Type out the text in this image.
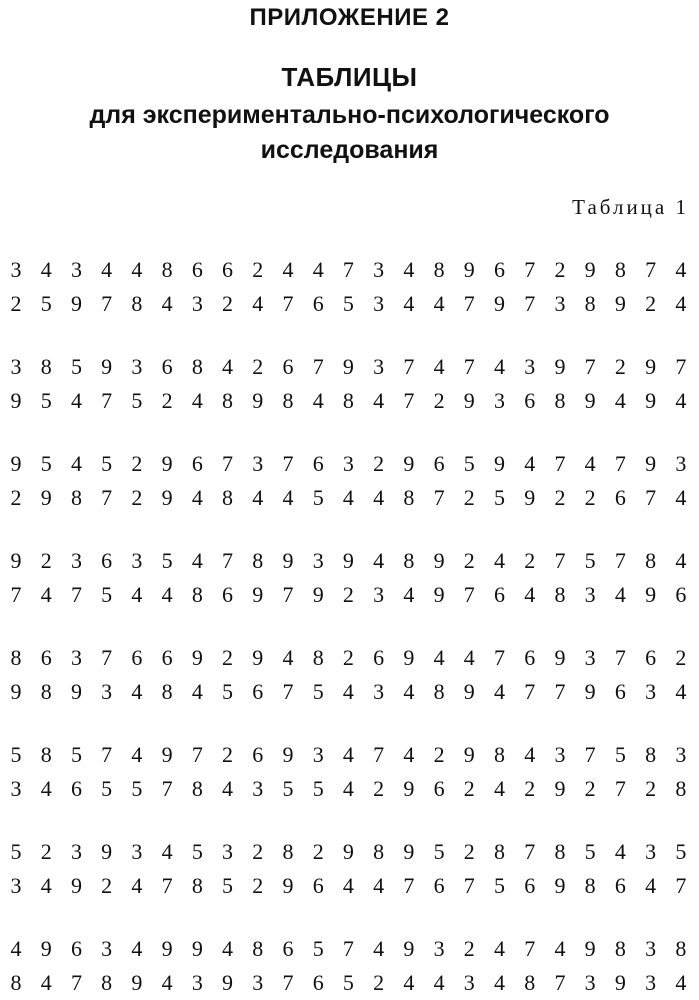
ПРИЛОЖЕНИЕ 2
ТАБЛИЦЫ
для экспериментально-психологического
исследования
Таблица 1
3 4 3 4 4 8 6 6 2 4 4 7 3 4 8 9 6 7 2 9 8 7 4
2 5 9 7 8 4 3 2 4 7 6 5 3 4 4 7 9 7 3 8 9 2 4
3 8 5 9 3 6 8 4 2 6 7 9 3 7 4 7 4 3 9 7 2 9 7
9 5 4 7 5 2 4 8 9 8 4 8 4 7 2 9 3 6 8 9 4 9 4
9 5 4 5 2 9 6 7 3 7 6 3 2 9 6 5 9 4 7 4 7 9 3
2 9 8 7 2 9 4 8 4 4 5 4 4 8 7 2 5 9 2 2 6 7 4
9 2 3 6 3 5 4 7 8 9 3 9 4 8 9 2 4 2 7 5 7 8 4
7 4 7 5 4 4 8 6 9 7 9 2 3 4 9 7 6 4 8 3 4 9 6
8 6 3 7 6 6 9 2 9 4 8 2 6 9 4 4 7 6 9 3 7 6 2
9 8 9 3 4 8 4 5 6 7 5 4 3 4 8 9 4 7 7 9 6 3 4
5 8 5 7 4 9 7 2 6 9 3 4 7 4 2 9 8 4 3 7 5 8 3
3 4 6 5 5 7 8 4 3 5 5 4 2 9 6 2 4 2 9 2 7 2 8
5 2 3 9 3 4 5 3 2 8 2 9 8 9 5 2 8 7 8 5 4 3 5
3 4 9 2 4 7 8 5 2 9 6 4 4 7 6 7 5 6 9 8 6 4 7
4 9 6 3 4 9 9 4 8 6 5 7 4 9 3 2 4 7 4 9 8 3 8
8 4 7 8 9 4 3 9 3 7 6 5 2 4 4 3 4 8 7 3 9 3 4
